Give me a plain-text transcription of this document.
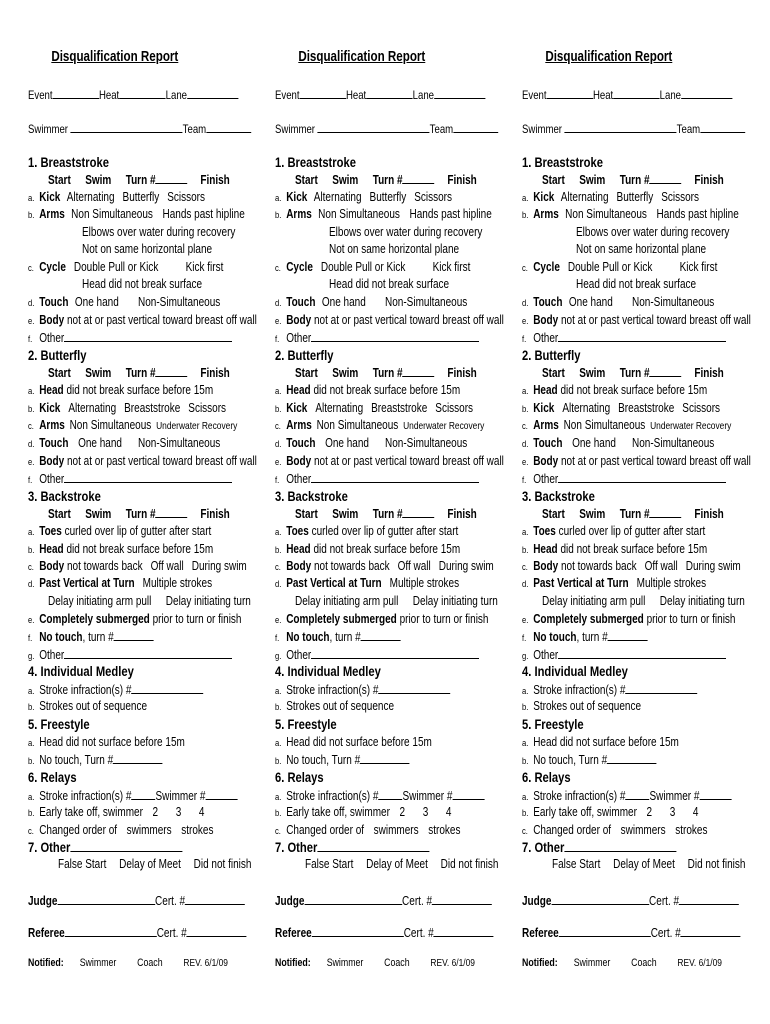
Disqualification Report
Event	Heat	Lane
Swimmer	Team
1. Breaststroke
Start Swim Turn #	Finish
a. Kick Alternating Butterfly Scissors
b. Arms Non Simultaneous Hands past hipline
Elbows over water during recovery
Not on same horizontal plane
c. Cycle Double Pull or Kick Kick first
Head did not break surface
d. Touch One hand Non-Simultaneous
e. Body not at or past vertical toward breast off wall
f. Other
2. Butterfly
Start Swim Turn #	Finish
a. Head did not break surface before 15m
b. Kick Alternating Breaststroke Scissors
c. Arms Non Simultaneous Underwater Recovery
d. Touch One hand Non-Simultaneous
e. Body not at or past vertical toward breast off wall
f. Other
3. Backstroke
Start Swim Turn #	Finish
a. Toes curled over lip of gutter after start
b. Head did not break surface before 15m
c. Body not towards back Off wall During swim
d. Past Vertical at Turn Multiple strokes
Delay initiating arm pull Delay initiating turn
e. Completely submerged prior to turn or finish
f. No touch, turn #
g. Other
4. Individual Medley
a. Stroke infraction(s) #
b. Strokes out of sequence
5. Freestyle
a. Head did not surface before 15m
b. No touch, Turn #
6. Relays
a. Stroke infraction(s) # Swimmer #
b. Early take off, swimmer 2 3 4
c. Changed order of swimmers strokes
7. Other
False Start Delay of Meet Did not finish
Judge	Cert. #
Referee	Cert. #
Notified: Swimmer Coach REV. 6/1/09
Disqualification Report
Event	Heat	Lane
Swimmer	Team
1. Breaststroke
Start Swim Turn #	Finish
a. Kick Alternating Butterfly Scissors
b. Arms Non Simultaneous Hands past hipline
Elbows over water during recovery
Not on same horizontal plane
c. Cycle Double Pull or Kick Kick first
Head did not break surface
d. Touch One hand Non-Simultaneous
e. Body not at or past vertical toward breast off wall
f. Other
2. Butterfly
Start Swim Turn #	Finish
a. Head did not break surface before 15m
b. Kick Alternating Breaststroke Scissors
c. Arms Non Simultaneous Underwater Recovery
d. Touch One hand Non-Simultaneous
e. Body not at or past vertical toward breast off wall
f. Other
3. Backstroke
Start Swim Turn #	Finish
a. Toes curled over lip of gutter after start
b. Head did not break surface before 15m
c. Body not towards back Off wall During swim
d. Past Vertical at Turn Multiple strokes
Delay initiating arm pull Delay initiating turn
e. Completely submerged prior to turn or finish
f. No touch, turn #
g. Other
4. Individual Medley
a. Stroke infraction(s) #
b. Strokes out of sequence
5. Freestyle
a. Head did not surface before 15m
b. No touch, Turn #
6. Relays
a. Stroke infraction(s) # Swimmer #
b. Early take off, swimmer 2 3 4
c. Changed order of swimmers strokes
7. Other
False Start Delay of Meet Did not finish
Judge	Cert. #
Referee	Cert. #
Notified: Swimmer Coach REV. 6/1/09
Disqualification Report
Event	Heat	Lane
Swimmer	Team
1. Breaststroke
Start Swim Turn #	Finish
a. Kick Alternating Butterfly Scissors
b. Arms Non Simultaneous Hands past hipline
Elbows over water during recovery
Not on same horizontal plane
c. Cycle Double Pull or Kick Kick first
Head did not break surface
d. Touch One hand Non-Simultaneous
e. Body not at or past vertical toward breast off wall
f. Other
2. Butterfly
Start Swim Turn #	Finish
a. Head did not break surface before 15m
b. Kick Alternating Breaststroke Scissors
c. Arms Non Simultaneous Underwater Recovery
d. Touch One hand Non-Simultaneous
e. Body not at or past vertical toward breast off wall
f. Other
3. Backstroke
Start Swim Turn #	Finish
a. Toes curled over lip of gutter after start
b. Head did not break surface before 15m
c. Body not towards back Off wall During swim
d. Past Vertical at Turn Multiple strokes
Delay initiating arm pull Delay initiating turn
e. Completely submerged prior to turn or finish
f. No touch, turn #
g. Other
4. Individual Medley
a. Stroke infraction(s) #
b. Strokes out of sequence
5. Freestyle
a. Head did not surface before 15m
b. No touch, Turn #
6. Relays
a. Stroke infraction(s) # Swimmer #
b. Early take off, swimmer 2 3 4
c. Changed order of swimmers strokes
7. Other
False Start Delay of Meet Did not finish
Judge	Cert. #
Referee	Cert. #
Notified: Swimmer Coach REV. 6/1/09
